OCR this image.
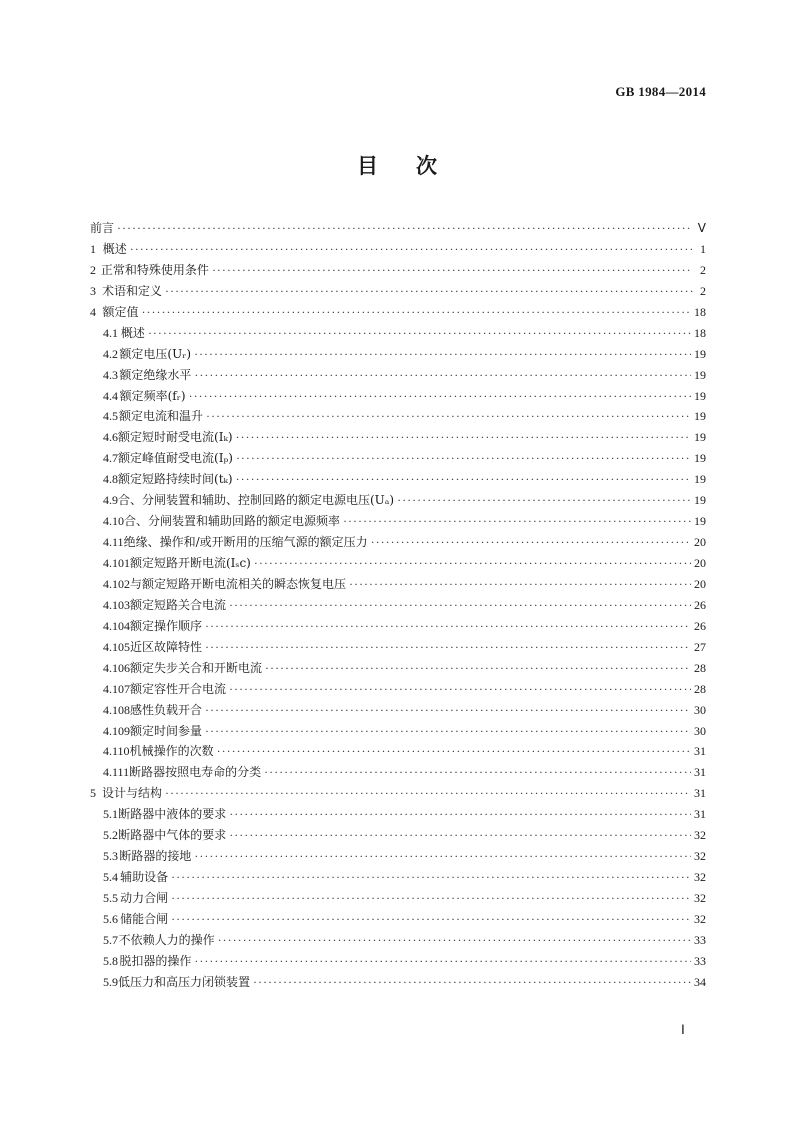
GB 1984—2014
目 次
前言 ·····	Ⅴ
1 概述 ·····	1
2 正常和特殊使用条件 ·····	2
3 术语和定义 ·····	2
4 额定值 ·····	18
4.1 概述 ·····	18
4.2 额定电压(Uᵣ) ·····	19
4.3 额定绝缘水平 ·····	19
4.4 额定频率(fᵣ) ·····	19
4.5 额定电流和温升 ·····	19
4.6 额定短时耐受电流(Iₖ) ·····	19
4.7 额定峰值耐受电流(Iₚ) ·····	19
4.8 额定短路持续时间(tₖ) ·····	19
4.9 合、分闸装置和辅助、控制回路的额定电源电压(Uₐ) ·····	19
4.10 合、分闸装置和辅助回路的额定电源频率 ·····	19
4.11 绝缘、操作和/或开断用的压缩气源的额定压力 ·····	20
4.101 额定短路开断电流(Iₛc) ·····	20
4.102 与额定短路开断电流相关的瞬态恢复电压 ·····	20
4.103 额定短路关合电流 ·····	26
4.104 额定操作顺序 ·····	26
4.105 近区故障特性 ·····	27
4.106 额定失步关合和开断电流 ·····	28
4.107 额定容性开合电流 ·····	28
4.108 感性负载开合 ·····	30
4.109 额定时间参量 ·····	30
4.110 机械操作的次数 ·····	31
4.111 断路器按照电寿命的分类 ·····	31
5 设计与结构 ·····	31
5.1 断路器中液体的要求 ·····	31
5.2 断路器中气体的要求 ·····	32
5.3 断路器的接地 ·····	32
5.4 辅助设备 ·····	32
5.5 动力合闸 ·····	32
5.6 储能合闸 ·····	32
5.7 不依赖人力的操作 ·····	33
5.8 脱扣器的操作 ·····	33
5.9 低压力和高压力闭锁装置 ·····	34
Ⅰ
